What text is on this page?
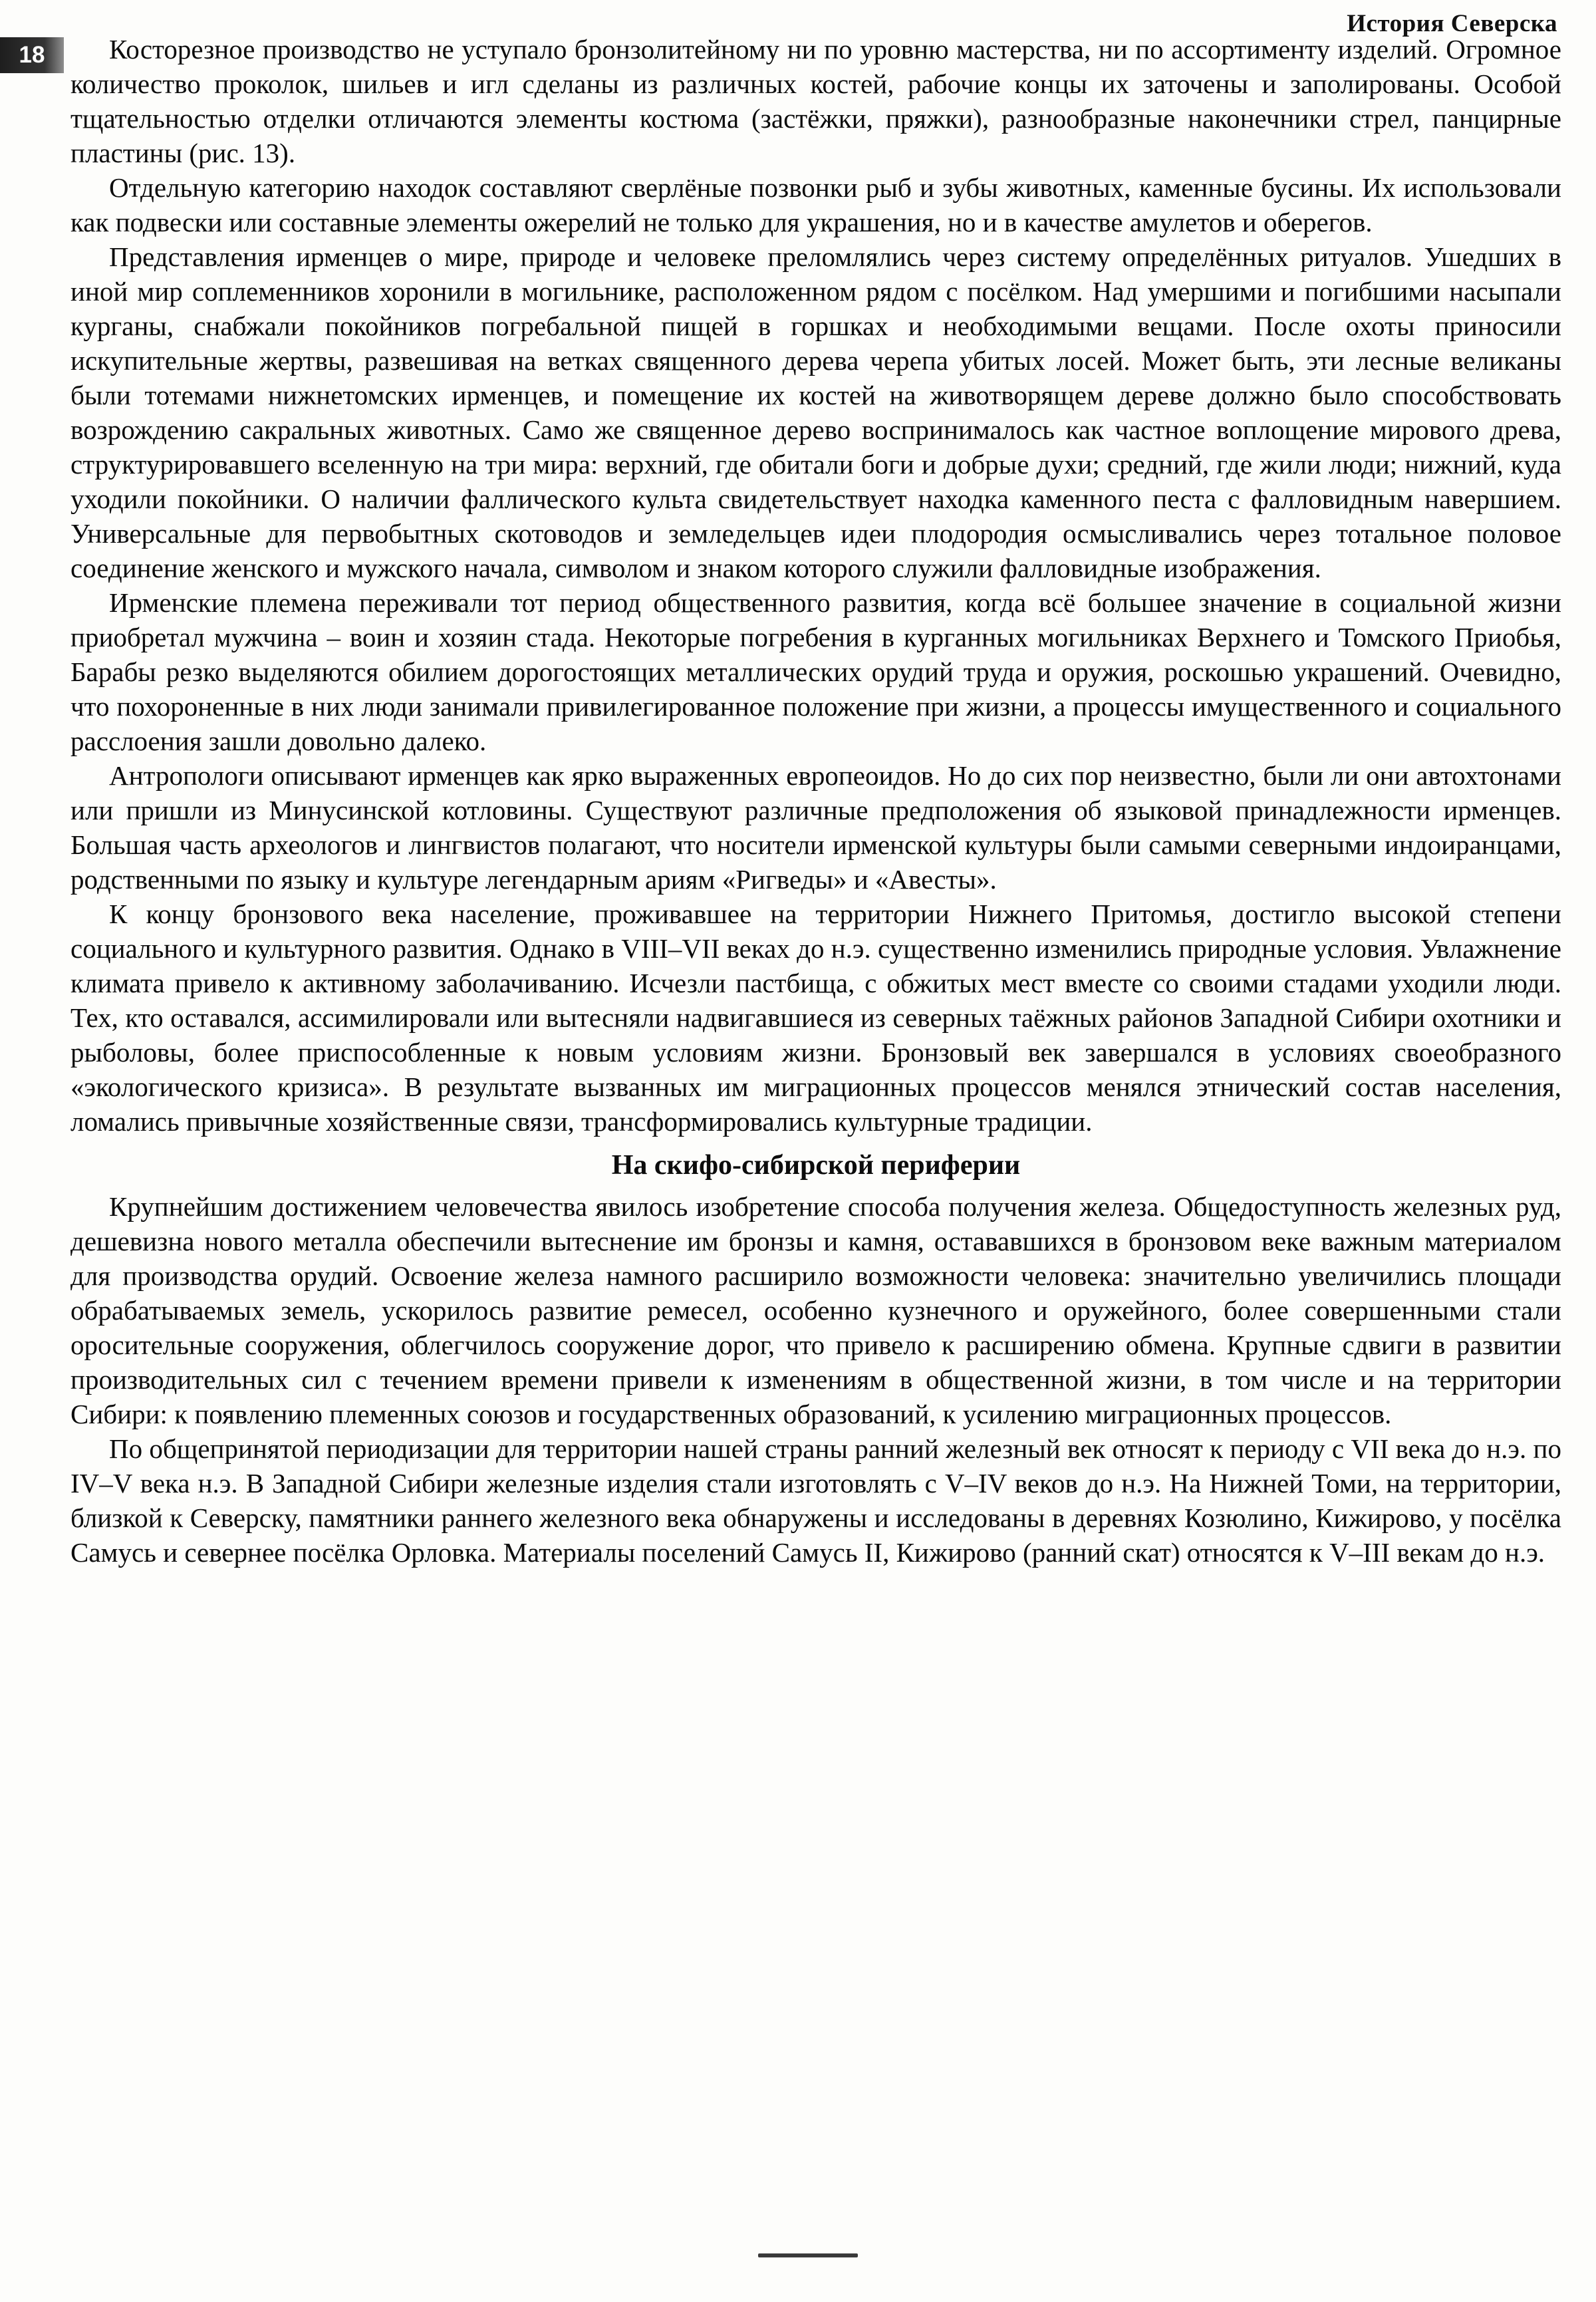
История Северска
18	Косторезное производство не уступало бронзолитейному ни по уровню мастерства, ни по ассортименту изделий. Огромное количество проколок, шильев и игл сделаны из различных костей, рабочие концы их заточены и заполированы. Особой тщательностью отделки отличаются элементы костюма (застёжки, пряжки), разнообразные наконечники стрел, панцирные пластины (рис. 13).

Отдельную категорию находок составляют сверлёные позвонки рыб и зубы животных, каменные бусины. Их использовали как подвески или составные элементы ожерелий не только для украшения, но и в качестве амулетов и оберегов.

Представления ирменцев о мире, природе и человеке преломлялись через систему определённых ритуалов. Ушедших в иной мир соплеменников хоронили в могильнике, расположенном рядом с посёлком. Над умершими и погибшими насыпали курганы, снабжали покойников погребальной пищей в горшках и необходимыми вещами. После охоты приносили искупительные жертвы, развешивая на ветках священного дерева черепа убитых лосей. Может быть, эти лесные великаны были тотемами нижнетомских ирменцев, и помещение их костей на животворящем дереве должно было способствовать возрождению сакральных животных. Само же священное дерево воспринималось как частное воплощение мирового древа, структурировавшего вселенную на три мира: верхний, где обитали боги и добрые духи; средний, где жили люди; нижний, куда уходили покойники. О наличии фаллического культа свидетельствует находка каменного песта с фалловидным навершием. Универсальные для первобытных скотоводов и земледельцев идеи плодородия осмысливались через тотальное половое соединение женского и мужского начала, символом и знаком которого служили фалловидные изображения.

Ирменские племена переживали тот период общественного развития, когда всё большее значение в социальной жизни приобретал мужчина – воин и хозяин стада. Некоторые погребения в курганных могильниках Верхнего и Томского Приобья, Барабы резко выделяются обилием дорогостоящих металлических орудий труда и оружия, роскошью украшений. Очевидно, что похороненные в них люди занимали привилегированное положение при жизни, а процессы имущественного и социального расслоения зашли довольно далеко.

Антропологи описывают ирменцев как ярко выраженных европеоидов. Но до сих пор неизвестно, были ли они автохтонами или пришли из Минусинской котловины. Существуют различные предположения об языковой принадлежности ирменцев. Большая часть археологов и лингвистов полагают, что носители ирменской культуры были самыми северными индоиранцами, родственными по языку и культуре легендарным ариям «Ригведы» и «Авесты».

К концу бронзового века население, проживавшее на территории Нижнего Притомья, достигло высокой степени социального и культурного развития. Однако в VIII–VII веках до н.э. существенно изменились природные условия. Увлажнение климата привело к активному заболачиванию. Исчезли пастбища, с обжитых мест вместе со своими стадами уходили люди. Тех, кто оставался, ассимилировали или вытесняли надвигавшиеся из северных таёжных районов Западной Сибири охотники и рыболовы, более приспособленные к новым условиям жизни. Бронзовый век завершался в условиях своеобразного «экологического кризиса». В результате вызванных им миграционных процессов менялся этнический состав населения, ломались привычные хозяйственные связи, трансформировались культурные традиции.

На скифо-сибирской периферии

Крупнейшим достижением человечества явилось изобретение способа получения железа. Общедоступность железных руд, дешевизна нового металла обеспечили вытеснение им бронзы и камня, остававшихся в бронзовом веке важным материалом для производства орудий. Освоение железа намного расширило возможности человека: значительно увеличились площади обрабатываемых земель, ускорилось развитие ремесел, особенно кузнечного и оружейного, более совершенными стали оросительные сооружения, облегчилось сооружение дорог, что привело к расширению обмена. Крупные сдвиги в развитии производительных сил с течением времени привели к изменениям в общественной жизни, в том числе и на территории Сибири: к появлению племенных союзов и государственных образований, к усилению миграционных процессов.

По общепринятой периодизации для территории нашей страны ранний железный век относят к периоду с VII века до н.э. по IV–V века н.э. В Западной Сибири железные изделия стали изготовлять с V–IV веков до н.э. На Нижней Томи, на территории, близкой к Северску, памятники раннего железного века обнаружены и исследованы в деревнях Козюлино, Кижирово, у посёлка Самусь и севернее посёлка Орловка. Материалы поселений Самусь II, Кижирово (ранний скат) относятся к V–III векам до н.э.
